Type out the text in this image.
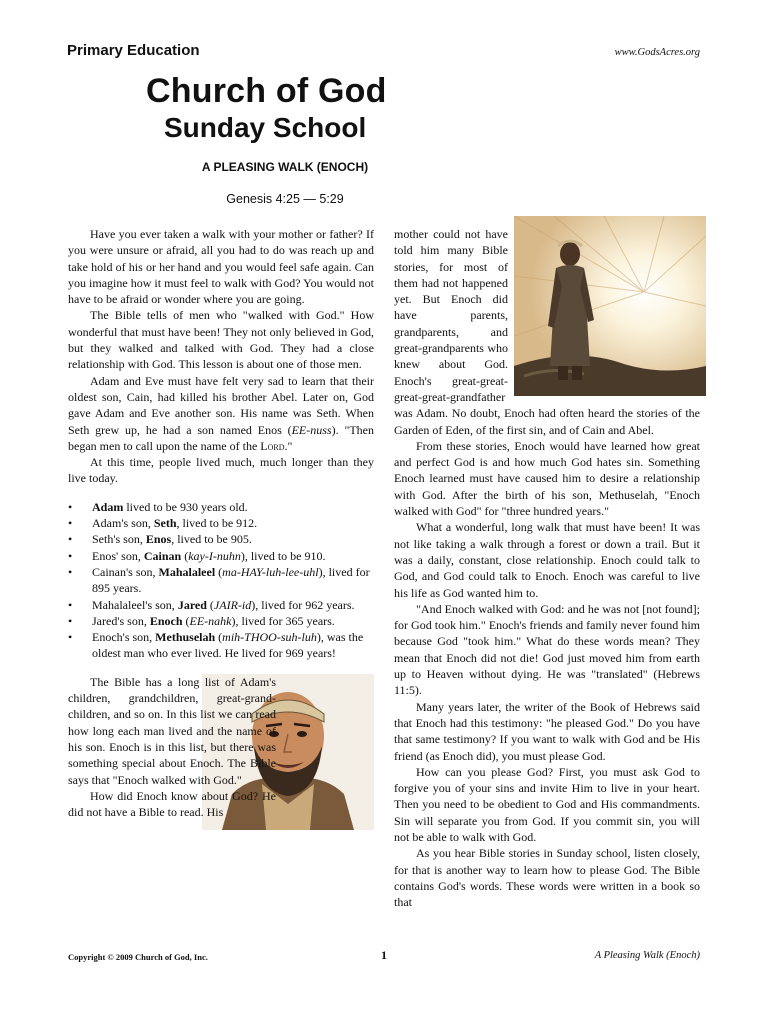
Primary Education	www.GodsAcres.org
Church of God
Sunday School
A PLEASING WALK (ENOCH)
Genesis 4:25 — 5:29

Have you ever taken a walk with your mother or father? If you were unsure or afraid, all you had to do was reach up and take hold of his or her hand and you would feel safe again. Can you imagine how it must feel to walk with God? You would not have to be afraid or wonder where you are going.

The Bible tells of men who "walked with God." How wonderful that must have been! They not only believed in God, but they walked and talked with God. They had a close relationship with God. This lesson is about one of those men.

Adam and Eve must have felt very sad to learn that their oldest son, Cain, had killed his brother Abel. Later on, God gave Adam and Eve another son. His name was Seth. When Seth grew up, he had a son named Enos (EE-nuss). "Then began men to call upon the name of the Lord."

At this time, people lived much, much longer than they live today.

• Adam lived to be 930 years old.
• Adam's son, Seth, lived to be 912.
• Seth's son, Enos, lived to be 905.
• Enos' son, Cainan (kay-I-nuhn), lived to be 910.
• Cainan's son, Mahalaleel (ma-HAY-luh-lee-uhl), lived for 895 years.
• Mahalaleel's son, Jared (JAIR-id), lived for 962 years.
• Jared's son, Enoch (EE-nahk), lived for 365 years.
• Enoch's son, Methuselah (mih-THOO-suh-luh), was the oldest man who ever lived. He lived for 969 years!

The Bible has a long list of Adam's children, grandchildren, great-grandchildren, and so on. In this list we can read how long each man lived and the name of his son. Enoch is in this list, but there was something special about Enoch. The Bible says that "Enoch walked with God."

How did Enoch know about God? He did not have a Bible to read. His

mother could not have told him many Bible stories, for most of them had not happened yet. But Enoch did have parents, grandparents, and great-grandparents who knew about God. Enoch's great-great-great-great-grandfather was Adam. No doubt, Enoch had often heard the stories of the Garden of Eden, of the first sin, and of Cain and Abel.

From these stories, Enoch would have learned how great and perfect God is and how much God hates sin. Something Enoch learned must have caused him to desire a relationship with God. After the birth of his son, Methuselah, "Enoch walked with God" for "three hundred years."

What a wonderful, long walk that must have been! It was not like taking a walk through a forest or down a trail. But it was a daily, constant, close relationship. Enoch could talk to God, and God could talk to Enoch. Enoch was careful to live his life as God wanted him to.

"And Enoch walked with God: and he was not [not found]; for God took him." Enoch's friends and family never found him because God "took him." What do these words mean? They mean that Enoch did not die! God just moved him from earth up to Heaven without dying. He was "translated" (Hebrews 11:5).

Many years later, the writer of the Book of Hebrews said that Enoch had this testimony: "he pleased God." Do you have that same testimony? If you want to walk with God and be His friend (as Enoch did), you must please God.

How can you please God? First, you must ask God to forgive you of your sins and invite Him to live in your heart. Then you need to be obedient to God and His commandments. Sin will separate you from God. If you commit sin, you will not be able to walk with God.

As you hear Bible stories in Sunday school, listen closely, for that is another way to learn how to please God. The Bible contains God's words. These words were written in a book so that

Copyright © 2009 Church of God, Inc.	1	A Pleasing Walk (Enoch)
